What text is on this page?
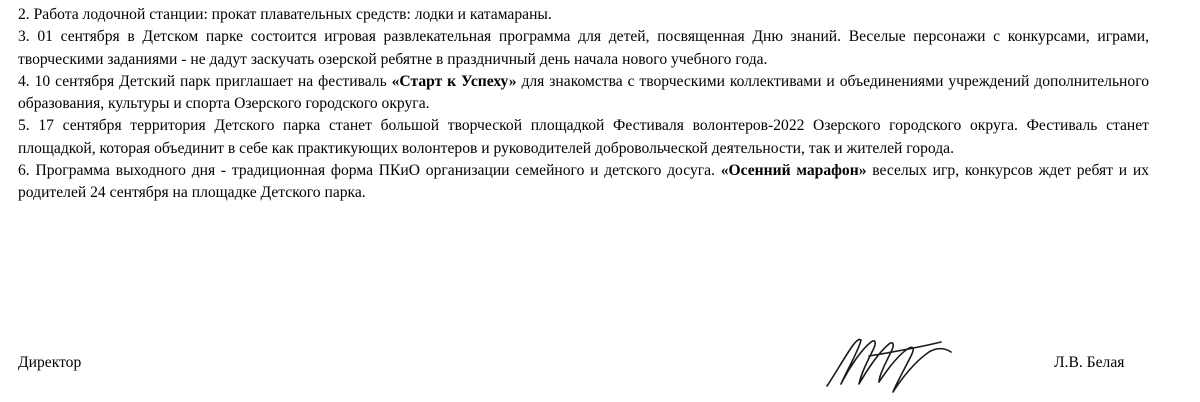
2. Работа лодочной станции: прокат плавательных средств: лодки и катамараны.

3. 01 сентября в Детском парке состоится игровая развлекательная программа для детей, посвященная Дню знаний. Веселые персонажи с конкурсами, играми, творческими заданиями - не дадут заскучать озерской ребятне в праздничный день начала нового учебного года.

4. 10 сентября Детский парк приглашает на фестиваль «Старт к Успеху» для знакомства с творческими коллективами и объединениями учреждений дополнительного образования, культуры и спорта Озерского городского округа.

5. 17 сентября территория Детского парка станет большой творческой площадкой Фестиваля волонтеров-2022 Озерского городского округа. Фестиваль станет площадкой, которая объединит в себе как практикующих волонтеров и руководителей добровольческой деятельности, так и жителей города.

6. Программа выходного дня - традиционная форма ПКиО организации семейного и детского досуга. «Осенний марафон» веселых игр, конкурсов ждет ребят и их родителей 24 сентября на площадке Детского парка.

Директор	Л.В. Белая
